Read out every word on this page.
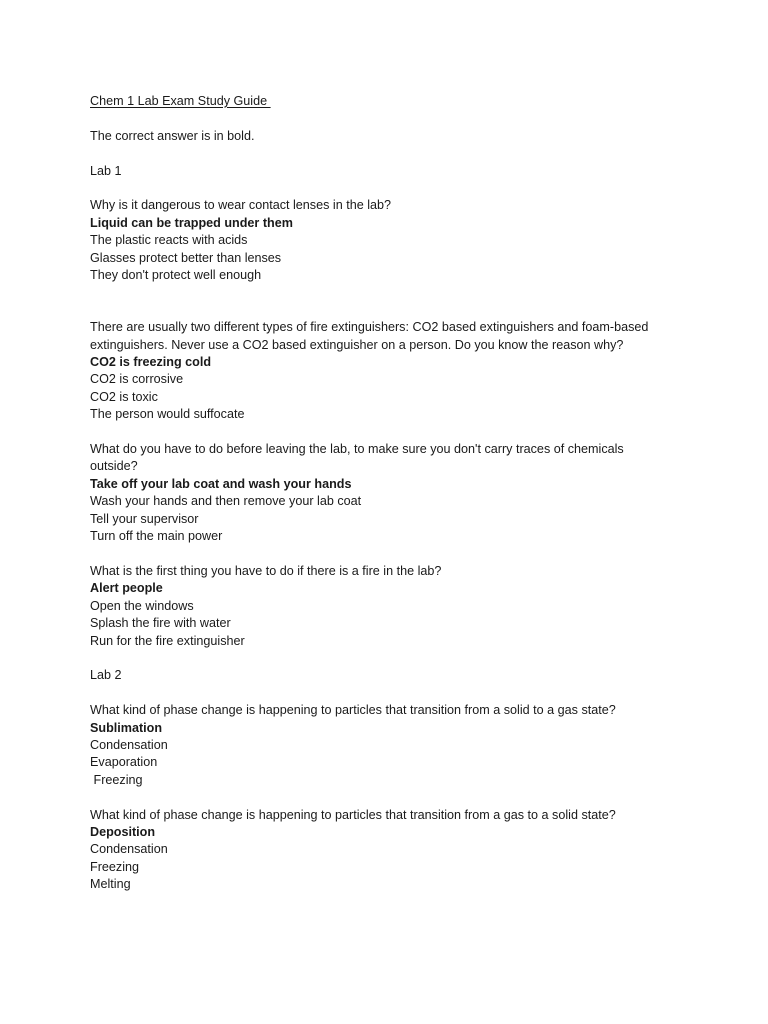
Chem 1 Lab Exam Study Guide
The correct answer is in bold.
Lab 1
Why is it dangerous to wear contact lenses in the lab?
Liquid can be trapped under them
The plastic reacts with acids
Glasses protect better than lenses
They don't protect well enough
There are usually two different types of fire extinguishers: CO2 based extinguishers and foam-based extinguishers. Never use a CO2 based extinguisher on a person. Do you know the reason why?
CO2 is freezing cold
CO2 is corrosive
CO2 is toxic
The person would suffocate
What do you have to do before leaving the lab, to make sure you don't carry traces of chemicals outside?
Take off your lab coat and wash your hands
Wash your hands and then remove your lab coat
Tell your supervisor
Turn off the main power
What is the first thing you have to do if there is a fire in the lab?
Alert people
Open the windows
Splash the fire with water
Run for the fire extinguisher
Lab 2
What kind of phase change is happening to particles that transition from a solid to a gas state?
Sublimation
Condensation
Evaporation
Freezing
What kind of phase change is happening to particles that transition from a gas to a solid state?
Deposition
Condensation
Freezing
Melting
